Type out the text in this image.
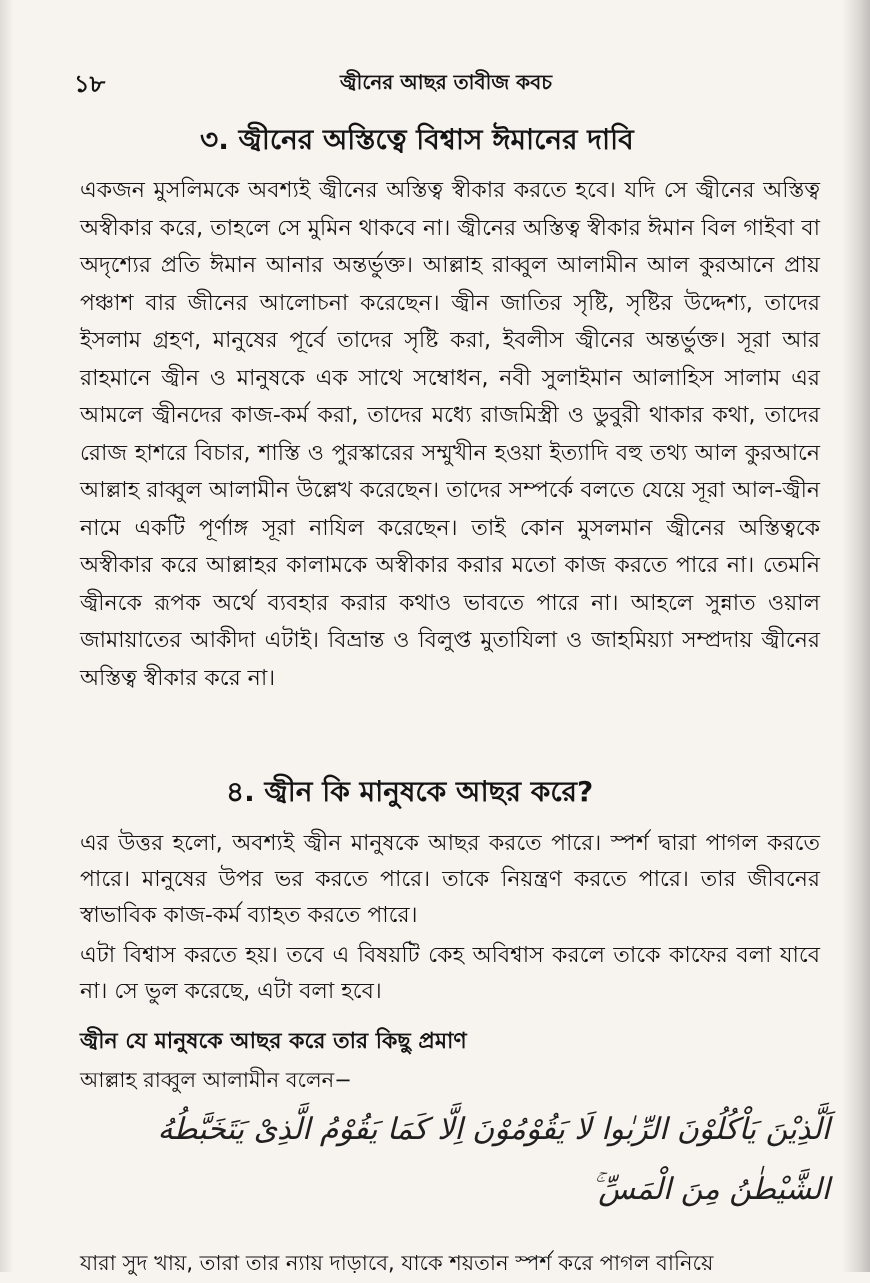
১৮	জ্বীনের আছর তাবীজ কবচ
৩. জ্বীনের অস্তিত্বে বিশ্বাস ঈমানের দাবি

একজন মুসলিমকে অবশ্যই জ্বীনের অস্তিত্ব স্বীকার করতে হবে। যদি সে জ্বীনের অস্তিত্ব অস্বীকার করে, তাহলে সে মুমিন থাকবে না। জ্বীনের অস্তিত্ব স্বীকার ঈমান বিল গাইবা বা অদৃশ্যের প্রতি ঈমান আনার অন্তর্ভুক্ত। আল্লাহ রাব্বুল আলামীন আল কুরআনে প্রায় পঞ্চাশ বার জীনের আলোচনা করেছেন। জ্বীন জাতির সৃষ্টি, সৃষ্টির উদ্দেশ্য, তাদের ইসলাম গ্রহণ, মানুষের পূর্বে তাদের সৃষ্টি করা, ইবলীস জ্বীনের অন্তর্ভুক্ত। সূরা আর রাহমানে জ্বীন ও মানুষকে এক সাথে সম্বোধন, নবী সুলাইমান আলাহিস সালাম এর আমলে জ্বীনদের কাজ-কর্ম করা, তাদের মধ্যে রাজমিস্ত্রী ও ডুবুরী থাকার কথা, তাদের রোজ হাশরে বিচার, শাস্তি ও পুরস্কারের সম্মুখীন হওয়া ইত্যাদি বহু তথ্য আল কুরআনে আল্লাহ রাব্বুল আলামীন উল্লেখ করেছেন। তাদের সম্পর্কে বলতে যেয়ে সূরা আল-জ্বীন নামে একটি পূর্ণাঙ্গ সূরা নাযিল করেছেন। তাই কোন মুসলমান জ্বীনের অস্তিত্বকে অস্বীকার করে আল্লাহর কালামকে অস্বীকার করার মতো কাজ করতে পারে না। তেমনি জ্বীনকে রূপক অর্থে ব্যবহার করার কথাও ভাবতে পারে না। আহলে সুন্নাত ওয়াল জামায়াতের আকীদা এটাই। বিভ্রান্ত ও বিলুপ্ত মুতাযিলা ও জাহমিয়্যা সম্প্রদায় জ্বীনের অস্তিত্ব স্বীকার করে না।

৪. জ্বীন কি মানুষকে আছর করে?

এর উত্তর হলো, অবশ্যই জ্বীন মানুষকে আছর করতে পারে। স্পর্শ দ্বারা পাগল করতে পারে। মানুষের উপর ভর করতে পারে। তাকে নিয়ন্ত্রণ করতে পারে। তার জীবনের স্বাভাবিক কাজ-কর্ম ব্যাহত করতে পারে।

এটা বিশ্বাস করতে হয়। তবে এ বিষয়টি কেহ অবিশ্বাস করলে তাকে কাফের বলা যাবে না। সে ভুল করেছে, এটা বলা হবে।

জ্বীন যে মানুষকে আছর করে তার কিছু প্রমাণ
আল্লাহ রাব্বুল আলামীন বলেন−
اَلَّذِيْنَ يَاْكُلُوْنَ الرِّبٰوا لَا يَقُوْمُوْنَ اِلَّا كَمَا يَقُوْمُ الَّذِىْ يَتَخَبَّطُهُ
الشَّيْطٰنُ مِنَ الْمَسِّ ۚ

যারা সুদ খায়, তারা তার ন্যায় দাড়াবে, যাকে শয়তান স্পর্শ করে পাগল বানিয়ে
